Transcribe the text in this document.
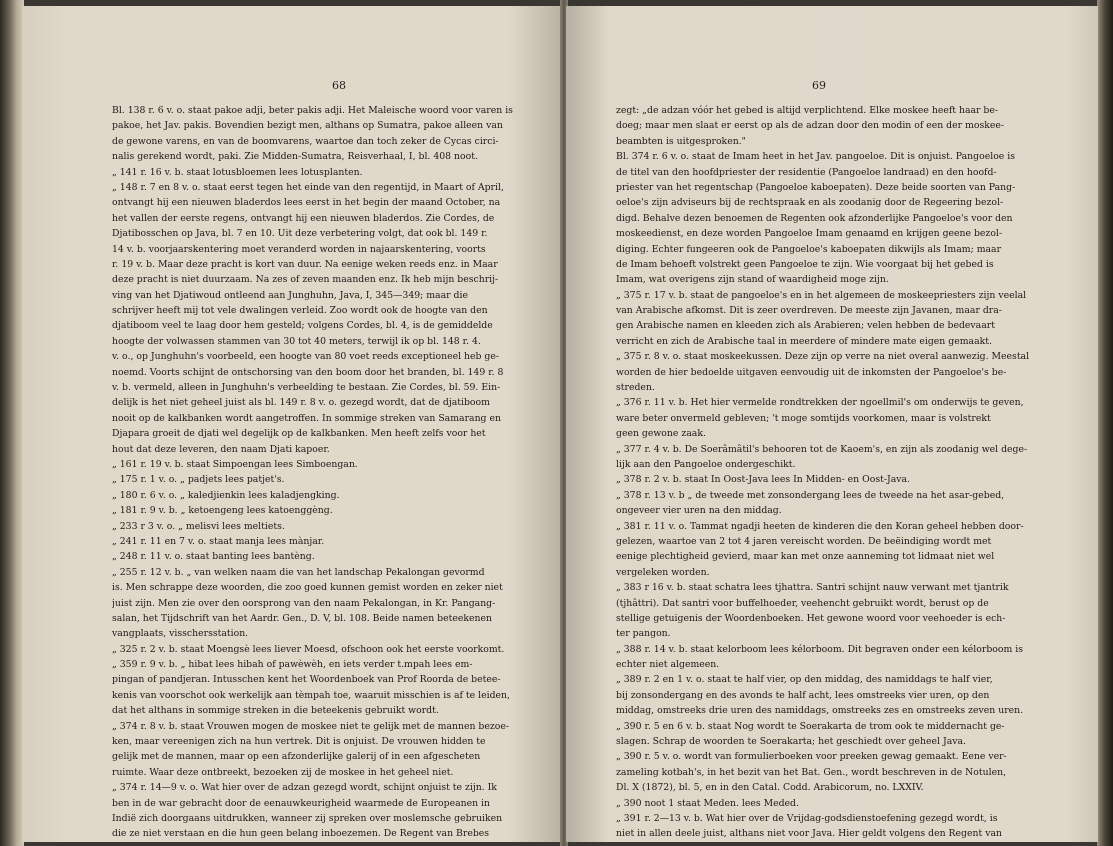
68
Bl. 138 r. 6 v. o. staat pakoe adji, beter pakis adji. Het Maleische woord voor varen is
pakoe, het Jav. pakis. Bovendien bezigt men, althans op Sumatra, pakoe alleen van
de gewone varens, en van de boomvarens, waartoe dan toch zeker de Cycas circi-
nalis gerekend wordt, paki. Zie Midden-Sumatra, Reisverhaal, I, bl. 408 noot.
„ 141 r. 16 v. b. staat lotusbloemen lees lotusplanten.
„ 148 r. 7 en 8 v. o. staat eerst tegen het einde van den regentijd, in Maart of April,
ontvangt hij een nieuwen bladerdos lees eerst in het begin der maand October, na
het vallen der eerste regens, ontvangt hij een nieuwen bladerdos. Zie Cordes, de
Djatibosschen op Java, bl. 7 en 10. Uit deze verbetering volgt, dat ook bl. 149 r.
14 v. b. voorjaarskentering moet veranderd worden in najaarskentering, voorts
r. 19 v. b. Maar deze pracht is kort van duur. Na eenige weken reeds enz. in Maar
deze pracht is niet duurzaam. Na zes of zeven maanden enz. Ik heb mijn beschrij-
ving van het Djatiwoud ontleend aan Junghuhn, Java, I, 345—349; maar die
schrijver heeft mij tot vele dwalingen verleid. Zoo wordt ook de hoogte van den
djatiboom veel te laag door hem gesteld; volgens Cordes, bl. 4, is de gemiddelde
hoogte der volwassen stammen van 30 tot 40 meters, terwijl ik op bl. 148 r. 4.
v. o., op Junghuhn's voorbeeld, een hoogte van 80 voet reeds exceptioneel heb ge-
noemd. Voorts schijnt de ontschorsing van den boom door het branden, bl. 149 r. 8
v. b. vermeld, alleen in Junghuhn's verbeelding te bestaan. Zie Cordes, bl. 59. Ein-
delijk is het niet geheel juist als bl. 149 r. 8 v. o. gezegd wordt, dat de djatiboom
nooit op de kalkbanken wordt aangetroffen. In sommige streken van Samarang en
Djapara groeit de djati wel degelijk op de kalkbanken. Men heeft zelfs voor het
hout dat deze leveren, den naam Djati kapoer.
„ 161 r. 19 v. b. staat Simpoengan lees Simboengan.
„ 175 r. 1 v. o. „ padjets lees patjet's.
„ 180 r. 6 v. o. „ kaledjienkin lees kaladjengking.
„ 181 r. 9 v. b. „ ketoengeng lees katoenggèng.
„ 233 r 3 v. o. „ melisvi lees meltiets.
„ 241 r. 11 en 7 v. o. staat manja lees mànjar.
„ 248 r. 11 v. o. staat banting lees bantèng.
„ 255 r. 12 v. b. „ van welken naam die van het landschap Pekalongan gevormd
is. Men schrappe deze woorden, die zoo goed kunnen gemist worden en zeker niet
juist zijn. Men zie over den oorsprong van den naam Pekalongan, in Kr. Pangang-
salan, het Tijdschrift van het Aardr. Gen., D. V, bl. 108. Beide namen beteekenen
vangplaats, visschersstation.
„ 325 r. 2 v. b. staat Moengsè lees liever Moesd, ofschoon ook het eerste voorkomt.
„ 359 r. 9 v. b. „ hibat lees hibah of pawèwèh, en iets verder t.mpah lees em-
pingan of pandjeran. Intusschen kent het Woordenboek van Prof Roorda de betee-
kenis van voorschot ook werkelijk aan tèmpah toe, waaruit misschien is af te leiden,
dat het althans in sommige streken in die beteekenis gebruikt wordt.
„ 374 r. 8 v. b. staat Vrouwen mogen de moskee niet te gelijk met de mannen bezoe-
ken, maar vereenigen zich na hun vertrek. Dit is onjuist. De vrouwen hidden te
gelijk met de mannen, maar op een afzonderlijke galerij of in een afgescheten
ruimte. Waar deze ontbreekt, bezoeken zij de moskee in het geheel niet.
„ 374 r. 14—9 v. o. Wat hier over de adzan gezegd wordt, schijnt onjuist te zijn. Ik
ben in de war gebracht door de eenauwkeurigheid waarmede de Europeanen in
Indië zich doorgaans uitdrukken, wanneer zij spreken over moslemsche gebruiken
die ze niet verstaan en die hun geen belang inboezemen. De Regent van Brebes
69
zegt: „de adzan vóór het gebed is altijd verplichtend. Elke moskee heeft haar be-
doeg; maar men slaat er eerst op als de adzan door den modin of een der moskee-
beambten is uitgesproken."
Bl. 374 r. 6 v. o. staat de Imam heet in het Jav. pangoeloe. Dit is onjuist. Pangoeloe is
de titel van den hoofdpriester der residentie (Pangoeloe landraad) en den hoofd-
priester van het regentschap (Pangoeloe kaboepaten). Deze beide soorten van Pang-
oeloe's zijn adviseurs bij de rechtspraak en als zoodanig door de Regeering bezol-
digd. Behalve dezen benoemen de Regenten ook afzonderlijke Pangoeloe's voor den
moskeedienst, en deze worden Pangoeloe Imam genaamd en krijgen geene bezol-
diging. Echter fungeeren ook de Pangoeloe's kaboepaten dikwijls als Imam; maar
de Imam behoeft volstrekt geen Pangoeloe te zijn. Wie voorgaat bij het gebed is
Imam, wat overigens zijn stand of waardigheid moge zijn.
„ 375 r. 17 v. b. staat de pangoeloe's en in het algemeen de moskeepriesters zijn veelal
van Arabische afkomst. Dit is zeer overdreven. De meeste zijn Javanen, maar dra-
gen Arabische namen en kleeden zich als Arabieren; velen hebben de bedevaart
verricht en zich de Arabische taal in meerdere of mindere mate eigen gemaakt.
„ 375 r. 8 v. o. staat moskeekussen. Deze zijn op verre na niet overal aanwezig. Meestal
worden de hier bedoelde uitgaven eenvoudig uit de inkomsten der Pangoeloe's be-
streden.
„ 376 r. 11 v. b. Het hier vermelde rondtrekken der ngoellmil's om onderwijs te geven,
ware beter onvermeld gebleven; 't moge somtijds voorkomen, maar is volstrekt
geen gewone zaak.
„ 377 r. 4 v. b. De Soerâmâtil's behooren tot de Kaoem's, en zijn als zoodanig wel dege-
lijk aan den Pangoeloe ondergeschikt.
„ 378 r. 2 v. b. staat In Oost-Java lees In Midden- en Oost-Java.
„ 378 r. 13 v. b „ de tweede met zonsondergang lees de tweede na het asar-gebed,
ongeveer vier uren na den middag.
„ 381 r. 11 v. o. Tammat ngadji heeten de kinderen die den Koran geheel hebben door-
gelezen, waartoe van 2 tot 4 jaren vereischt worden. De beëindiging wordt met
eenige plechtigheid gevierd, maar kan met onze aanneming tot lidmaat niet wel
vergeleken worden.
„ 383 r 16 v. b. staat schatra lees tjhattra. Santri schijnt nauw verwant met tjantrik
(tjhâttri). Dat santri voor buffelhoeder, veehencht gebruikt wordt, berust op de
stellige getuigenis der Woordenboeken. Het gewone woord voor veehoeder is ech-
ter pangon.
„ 388 r. 14 v. b. staat kelorboom lees kélorboom. Dit begraven onder een kélorboom is
echter niet algemeen.
„ 389 r. 2 en 1 v. o. staat te half vier, op den middag, des namiddags te half vier,
bij zonsondergang en des avonds te half acht, lees omstreeks vier uren, op den
middag, omstreeks drie uren des namiddags, omstreeks zes en omstreeks zeven uren.
„ 390 r. 5 en 6 v. b. staat Nog wordt te Soerakarta de trom ook te middernacht ge-
slagen. Schrap de woorden te Soerakarta; het geschiedt over geheel Java.
„ 390 r. 5 v. o. wordt van formulierboeken voor preeken gewag gemaakt. Eene ver-
zameling kotbah's, in het bezit van het Bat. Gen., wordt beschreven in de Notulen,
Dl. X (1872), bl. 5, en in den Catal. Codd. Arabicorum, no. LXXIV.
„ 390 noot 1 staat Meden. lees Meded.
„ 391 r. 2—13 v. b. Wat hier over de Vrijdag-godsdienstoefening gezegd wordt, is
niet in allen deele juist, althans niet voor Java. Hier geldt volgens den Regent van
